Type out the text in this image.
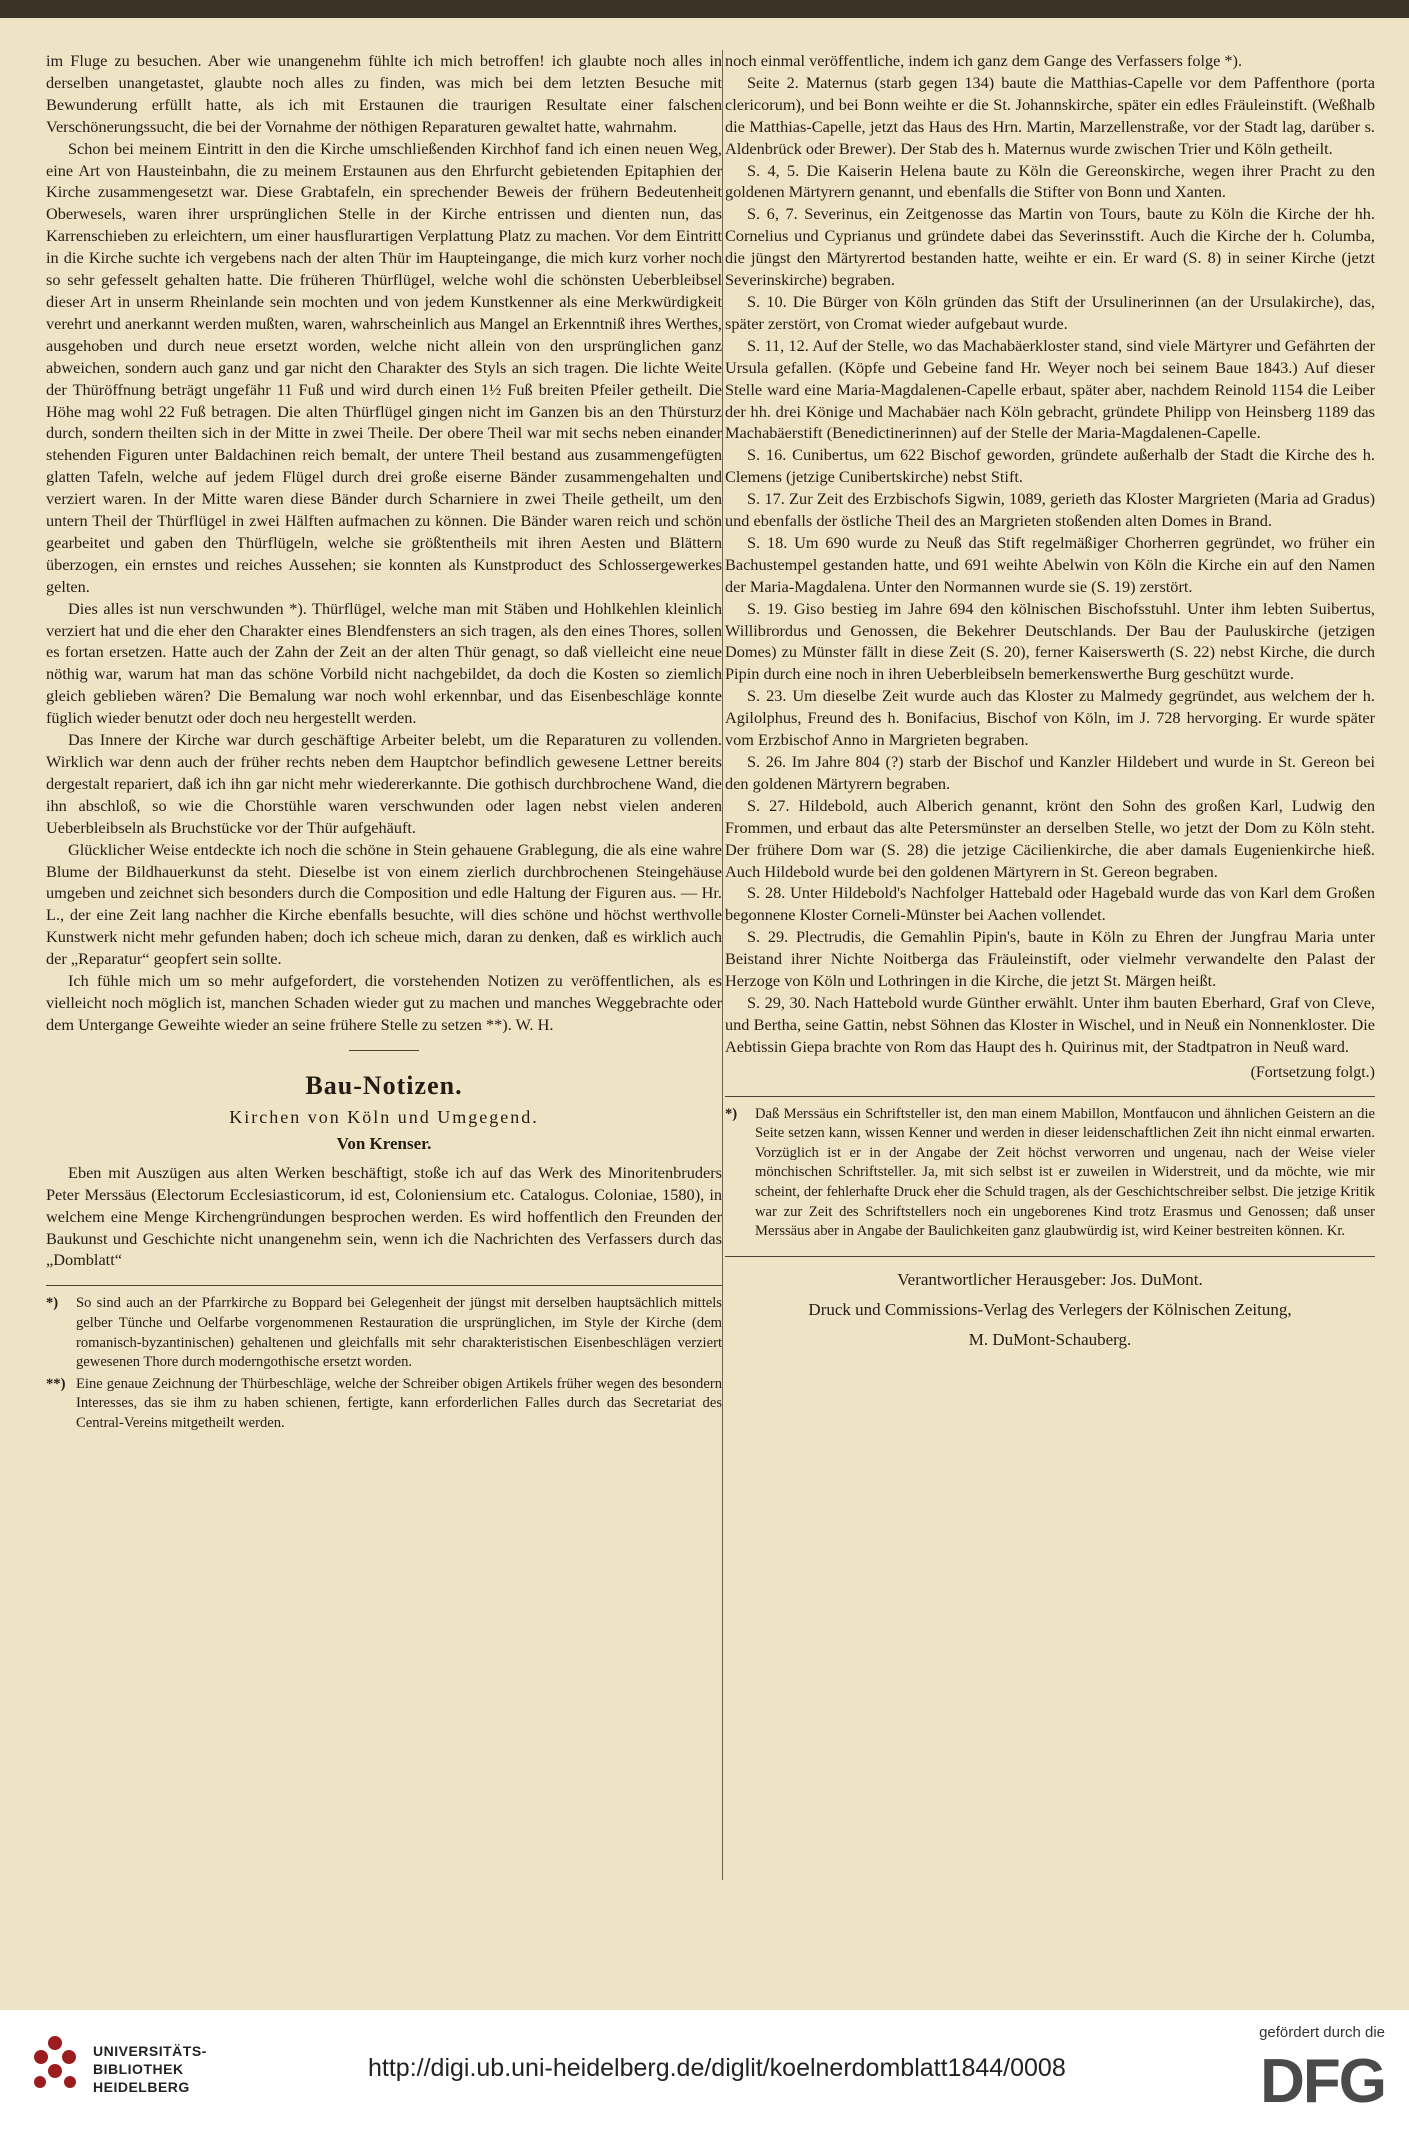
im Fluge zu besuchen. Aber wie unangenehm fühlte ich mich betroffen! ich glaubte noch alles in derselben unangetastet, glaubte noch alles zu finden, was mich bei dem letzten Besuche mit Bewunderung erfüllt hatte, als ich mit Erstaunen die traurigen Resultate einer falschen Verschönerungssucht, die bei der Vornahme der nöthigen Reparaturen gewaltet hatte, wahrnahm.

Schon bei meinem Eintritt in den die Kirche umschließenden Kirchhof fand ich einen neuen Weg, eine Art von Hausteinbahn, die zu meinem Erstaunen aus den Ehrfurcht gebietenden Epitaphien der Kirche zusammengesetzt war. Diese Grabtafeln, ein sprechender Beweis der frühern Bedeutenheit Oberwesels, waren ihrer ursprünglichen Stelle in der Kirche entrissen und dienten nun, das Karrenschieben zu erleichtern, um einer hausflurartigen Verplattung Platz zu machen. Vor dem Eintritt in die Kirche suchte ich vergebens nach der alten Thür im Haupteingange, die mich kurz vorher noch so sehr gefesselt gehalten hatte. Die früheren Thürflügel, welche wohl die schönsten Ueberbleibsel dieser Art in unserm Rheinlande sein mochten und von jedem Kunstkenner als eine Merkwürdigkeit verehrt und anerkannt werden mußten, waren, wahrscheinlich aus Mangel an Erkenntniß ihres Werthes, ausgehoben und durch neue ersetzt worden, welche nicht allein von den ursprünglichen ganz abweichen, sondern auch ganz und gar nicht den Charakter des Styls an sich tragen. Die lichte Weite der Thüröffnung beträgt ungefähr 11 Fuß und wird durch einen 1½ Fuß breiten Pfeiler getheilt. Die Höhe mag wohl 22 Fuß betragen. Die alten Thürflügel gingen nicht im Ganzen bis an den Thürsturz durch, sondern theilten sich in der Mitte in zwei Theile. Der obere Theil war mit sechs neben einander stehenden Figuren unter Baldachinen reich bemalt, der untere Theil bestand aus zusammengefügten glatten Tafeln, welche auf jedem Flügel durch drei große eiserne Bänder zusammengehalten und verziert waren. In der Mitte waren diese Bänder durch Scharniere in zwei Theile getheilt, um den untern Theil der Thürflügel in zwei Hälften aufmachen zu können. Die Bänder waren reich und schön gearbeitet und gaben den Thürflügeln, welche sie größtentheils mit ihren Aesten und Blättern überzogen, ein ernstes und reiches Aussehen; sie konnten als Kunstproduct des Schlossergewerkes gelten.

Dies alles ist nun verschwunden *). Thürflügel, welche man mit Stäben und Hohlkehlen kleinlich verziert hat und die eher den Charakter eines Blendfensters an sich tragen, als den eines Thores, sollen es fortan ersetzen. Hatte auch der Zahn der Zeit an der alten Thür genagt, so daß vielleicht eine neue nöthig war, warum hat man das schöne Vorbild nicht nachgebildet, da doch die Kosten so ziemlich gleich geblieben wären? Die Bemalung war noch wohl erkennbar, und das Eisenbeschläge konnte füglich wieder benutzt oder doch neu hergestellt werden.

Das Innere der Kirche war durch geschäftige Arbeiter belebt, um die Reparaturen zu vollenden. Wirklich war denn auch der früher rechts neben dem Hauptchor befindlich gewesene Lettner bereits dergestalt repariert, daß ich ihn gar nicht mehr wiedererkannte. Die gothisch durchbrochene Wand, die ihn abschloß, so wie die Chorstühle waren verschwunden oder lagen nebst vielen anderen Ueberbleibseln als Bruchstücke vor der Thür aufgehäuft.

Glücklicher Weise entdeckte ich noch die schöne in Stein gehauene Grablegung, die als eine wahre Blume der Bildhauerkunst da steht. Dieselbe ist von einem zierlich durchbrochenen Steingehäuse umgeben und zeichnet sich besonders durch die Composition und edle Haltung der Figuren aus. — Hr. L., der eine Zeit lang nachher die Kirche ebenfalls besuchte, will dies schöne und höchst werthvolle Kunstwerk nicht mehr gefunden haben; doch ich scheue mich, daran zu denken, daß es wirklich auch der „Reparatur“ geopfert sein sollte.

Ich fühle mich um so mehr aufgefordert, die vorstehenden Notizen zu veröffentlichen, als es vielleicht noch möglich ist, manchen Schaden wieder gut zu machen und manches Weggebrachte oder dem Untergange Geweihte wieder an seine frühere Stelle zu setzen **). W. H.

Bau-Notizen.
Kirchen von Köln und Umgegend.
Von Krenser.

Eben mit Auszügen aus alten Werken beschäftigt, stoße ich auf das Werk des Minoritenbruders Peter Merssäus (Electorum Ecclesiasticorum, id est, Coloniensium etc. Catalogus. Coloniae, 1580), in welchem eine Menge Kirchengründungen besprochen werden. Es wird hoffentlich den Freunden der Baukunst und Geschichte nicht unangenehm sein, wenn ich die Nachrichten des Verfassers durch das „Domblatt“

*) So sind auch an der Pfarrkirche zu Boppard bei Gelegenheit der jüngst mit derselben hauptsächlich mittels gelber Tünche und Oelfarbe vorgenommenen Restauration die ursprünglichen, im Style der Kirche (dem romanisch-byzantinischen) gehaltenen und gleichfalls mit sehr charakteristischen Eisenbeschlägen verziert gewesenen Thore durch moderngothische ersetzt worden.

**) Eine genaue Zeichnung der Thürbeschläge, welche der Schreiber obigen Artikels früher wegen des besondern Interesses, das sie ihm zu haben schienen, fertigte, kann erforderlichen Falles durch das Secretariat des Central-Vereins mitgetheilt werden.

noch einmal veröffentliche, indem ich ganz dem Gange des Verfassers folge *).

Seite 2. Maternus (starb gegen 134) baute die Matthias-Capelle vor dem Paffenthore (porta clericorum), und bei Bonn weihte er die St. Johannskirche, später ein edles Fräuleinstift. (Weßhalb die Matthias-Capelle, jetzt das Haus des Hrn. Martin, Marzellenstraße, vor der Stadt lag, darüber s. Aldenbrück oder Brewer). Der Stab des h. Maternus wurde zwischen Trier und Köln getheilt.

S. 4, 5. Die Kaiserin Helena baute zu Köln die Gereonskirche, wegen ihrer Pracht zu den goldenen Märtyrern genannt, und ebenfalls die Stifter von Bonn und Xanten.

S. 6, 7. Severinus, ein Zeitgenosse das Martin von Tours, baute zu Köln die Kirche der hh. Cornelius und Cyprianus und gründete dabei das Severinsstift. Auch die Kirche der h. Columba, die jüngst den Märtyrertod bestanden hatte, weihte er ein. Er ward (S. 8) in seiner Kirche (jetzt Severinskirche) begraben.

S. 10. Die Bürger von Köln gründen das Stift der Ursulinerinnen (an der Ursulakirche), das, später zerstört, von Cromat wieder aufgebaut wurde.

S. 11, 12. Auf der Stelle, wo das Machabäerkloster stand, sind viele Märtyrer und Gefährten der Ursula gefallen. (Köpfe und Gebeine fand Hr. Weyer noch bei seinem Baue 1843.) Auf dieser Stelle ward eine Maria-Magdalenen-Capelle erbaut, später aber, nachdem Reinold 1154 die Leiber der hh. drei Könige und Machabäer nach Köln gebracht, gründete Philipp von Heinsberg 1189 das Machabäerstift (Benedictinerinnen) auf der Stelle der Maria-Magdalenen-Capelle.

S. 16. Cunibertus, um 622 Bischof geworden, gründete außerhalb der Stadt die Kirche des h. Clemens (jetzige Cunibertskirche) nebst Stift.

S. 17. Zur Zeit des Erzbischofs Sigwin, 1089, gerieth das Kloster Margrieten (Maria ad Gradus) und ebenfalls der östliche Theil des an Margrieten stoßenden alten Domes in Brand.

S. 18. Um 690 wurde zu Neuß das Stift regelmäßiger Chorherren gegründet, wo früher ein Bachustempel gestanden hatte, und 691 weihte Abelwin von Köln die Kirche ein auf den Namen der Maria-Magdalena. Unter den Normannen wurde sie (S. 19) zerstört.

S. 19. Giso bestieg im Jahre 694 den kölnischen Bischofsstuhl. Unter ihm lebten Suibertus, Willibrordus und Genossen, die Bekehrer Deutschlands. Der Bau der Pauluskirche (jetzigen Domes) zu Münster fällt in diese Zeit (S. 20), ferner Kaiserswerth (S. 22) nebst Kirche, die durch Pipin durch eine noch in ihren Ueberbleibseln bemerkenswerthe Burg geschützt wurde.

S. 23. Um dieselbe Zeit wurde auch das Kloster zu Malmedy gegründet, aus welchem der h. Agilolphus, Freund des h. Bonifacius, Bischof von Köln, im J. 728 hervorging. Er wurde später vom Erzbischof Anno in Margrieten begraben.

S. 26. Im Jahre 804 (?) starb der Bischof und Kanzler Hildebert und wurde in St. Gereon bei den goldenen Märtyrern begraben.

S. 27. Hildebold, auch Alberich genannt, krönt den Sohn des großen Karl, Ludwig den Frommen, und erbaut das alte Petersmünster an derselben Stelle, wo jetzt der Dom zu Köln steht. Der frühere Dom war (S. 28) die jetzige Cäcilienkirche, die aber damals Eugenienkirche hieß. Auch Hildebold wurde bei den goldenen Märtyrern in St. Gereon begraben.

S. 28. Unter Hildebold's Nachfolger Hattebald oder Hagebald wurde das von Karl dem Großen begonnene Kloster Corneli-Münster bei Aachen vollendet.

S. 29. Plectrudis, die Gemahlin Pipin's, baute in Köln zu Ehren der Jungfrau Maria unter Beistand ihrer Nichte Noitberga das Fräuleinstift, oder vielmehr verwandelte den Palast der Herzoge von Köln und Lothringen in die Kirche, die jetzt St. Märgen heißt.

S. 29, 30. Nach Hattebold wurde Günther erwählt. Unter ihm bauten Eberhard, Graf von Cleve, und Bertha, seine Gattin, nebst Söhnen das Kloster in Wischel, und in Neuß ein Nonnenkloster. Die Aebtissin Giepa brachte von Rom das Haupt des h. Quirinus mit, der Stadtpatron in Neuß ward.

(Fortsetzung folgt.)

*) Daß Merssäus ein Schriftsteller ist, den man einem Mabillon, Montfaucon und ähnlichen Geistern an die Seite setzen kann, wissen Kenner und werden in dieser leidenschaftlichen Zeit ihn nicht einmal erwarten. Vorzüglich ist er in der Angabe der Zeit höchst verworren und ungenau, nach der Weise vieler mönchischen Schriftsteller. Ja, mit sich selbst ist er zuweilen in Widerstreit, und da möchte, wie mir scheint, der fehlerhafte Druck eher die Schuld tragen, als der Geschichtschreiber selbst. Die jetzige Kritik war zur Zeit des Schriftstellers noch ein ungeborenes Kind trotz Erasmus und Genossen; daß unser Merssäus aber in Angabe der Baulichkeiten ganz glaubwürdig ist, wird Keiner bestreiten können. Kr.

Verantwortlicher Herausgeber: Jos. DuMont.

Druck und Commissions-Verlag des Verlegers der Kölnischen Zeitung,

M. DuMont-Schauberg.

UNIVERSITÄTS-
BIBLIOTHEK
HEIDELBERG
http://digi.ub.uni-heidelberg.de/diglit/koelnerdomblatt1844/0008
gefördert durch die
DFG
